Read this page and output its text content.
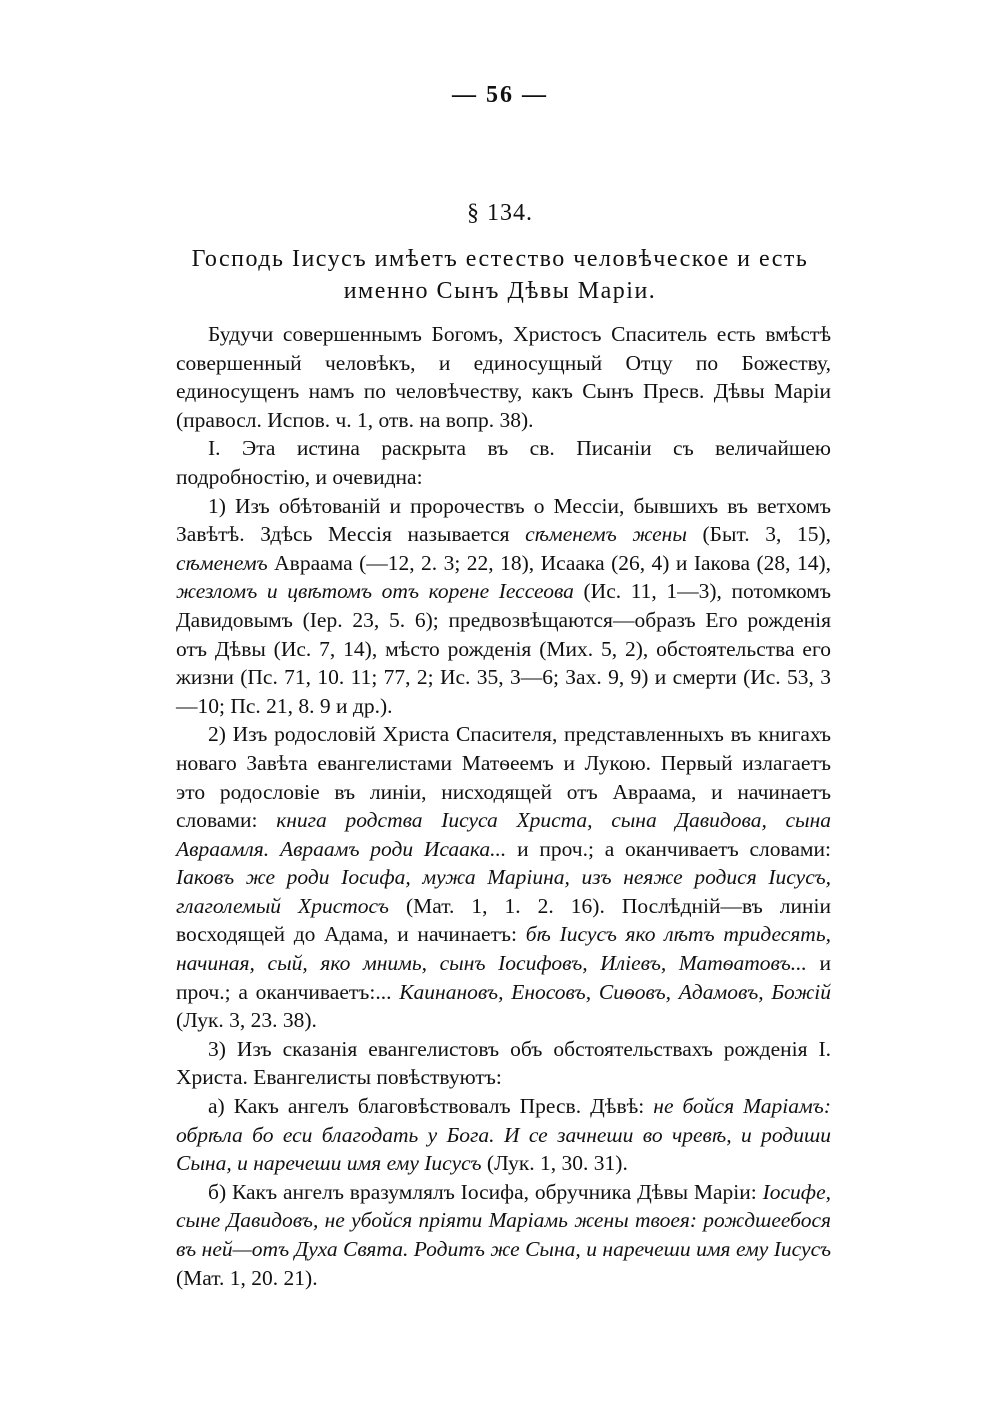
— 56 —
§ 134.
Господь Іисусъ имѣетъ естество человѣческое и есть
именно Сынъ Дѣвы Маріи.

Будучи совершеннымъ Богомъ, Христосъ Спаситель есть вмѣстѣ совершенный человѣкъ, и единосущный Отцу по Божеству, единосущенъ намъ по человѣчеству, какъ Сынъ Пресв. Дѣвы Маріи (правосл. Испов. ч. 1, отв. на вопр. 38).

I. Эта истина раскрыта въ св. Писаніи съ величайшею подробностію, и очевидна:

1) Изъ обѣтованій и пророчествъ о Мессіи, бывшихъ въ ветхомъ Завѣтѣ. Здѣсь Мессія называется сѣменемъ жены (Быт. 3, 15), сѣменемъ Авраама (—12, 2. 3; 22, 18), Исаака (26, 4) и Іакова (28, 14), жезломъ и цвѣтомъ отъ корене Іессеова (Ис. 11, 1—3), потомкомъ Давидовымъ (Іер. 23, 5. 6); предвозвѣщаются—образъ Его рожденія отъ Дѣвы (Ис. 7, 14), мѣсто рожденія (Мих. 5, 2), обстоятельства его жизни (Пс. 71, 10. 11; 77, 2; Ис. 35, 3—6; Зах. 9, 9) и смерти (Ис. 53, 3—10; Пс. 21, 8. 9 и др.).

2) Изъ родословій Христа Спасителя, представленныхъ въ книгахъ новаго Завѣта евангелистами Матѳеемъ и Лукою. Первый излагаетъ это родословіе въ линіи, нисходящей отъ Авраама, и начинаетъ словами: книга родства Іисуса Христа, сына Давидова, сына Авраамля. Авраамъ роди Исаака... и проч.; а оканчиваетъ словами: Іаковъ же роди Іосифа, мужа Маріина, изъ неяже родися Іисусъ, глаголемый Христосъ (Мат. 1, 1. 2. 16). Послѣдній—въ линіи восходящей до Адама, и начинаетъ: бѣ Іисусъ яко лѣтъ тридесять, начиная, сый, яко мнимь, сынъ Іосифовъ, Иліевъ, Матѳатовъ... и проч.; а оканчиваетъ:... Каинановъ, Еносовъ, Сиѳовъ, Адамовъ, Божій (Лук. 3, 23. 38).

3) Изъ сказанія евангелистовъ объ обстоятельствахъ рожденія I. Христа. Евангелисты повѣствуютъ:

а) Какъ ангелъ благовѣствовалъ Пресв. Дѣвѣ: не бойся Маріамъ: обрѣла бо еси благодать у Бога. И се зачнеши во чревѣ, и родиши Сына, и наречеши имя ему Іисусъ (Лук. 1, 30. 31).

б) Какъ ангелъ вразумлялъ Іосифа, обручника Дѣвы Маріи: Іосифе, сыне Давидовъ, не убойся пріяти Маріамь жены твоея: рождшеебося въ ней—отъ Духа Свята. Родитъ же Сына, и наречеши имя ему Іисусъ (Мат. 1, 20. 21).
